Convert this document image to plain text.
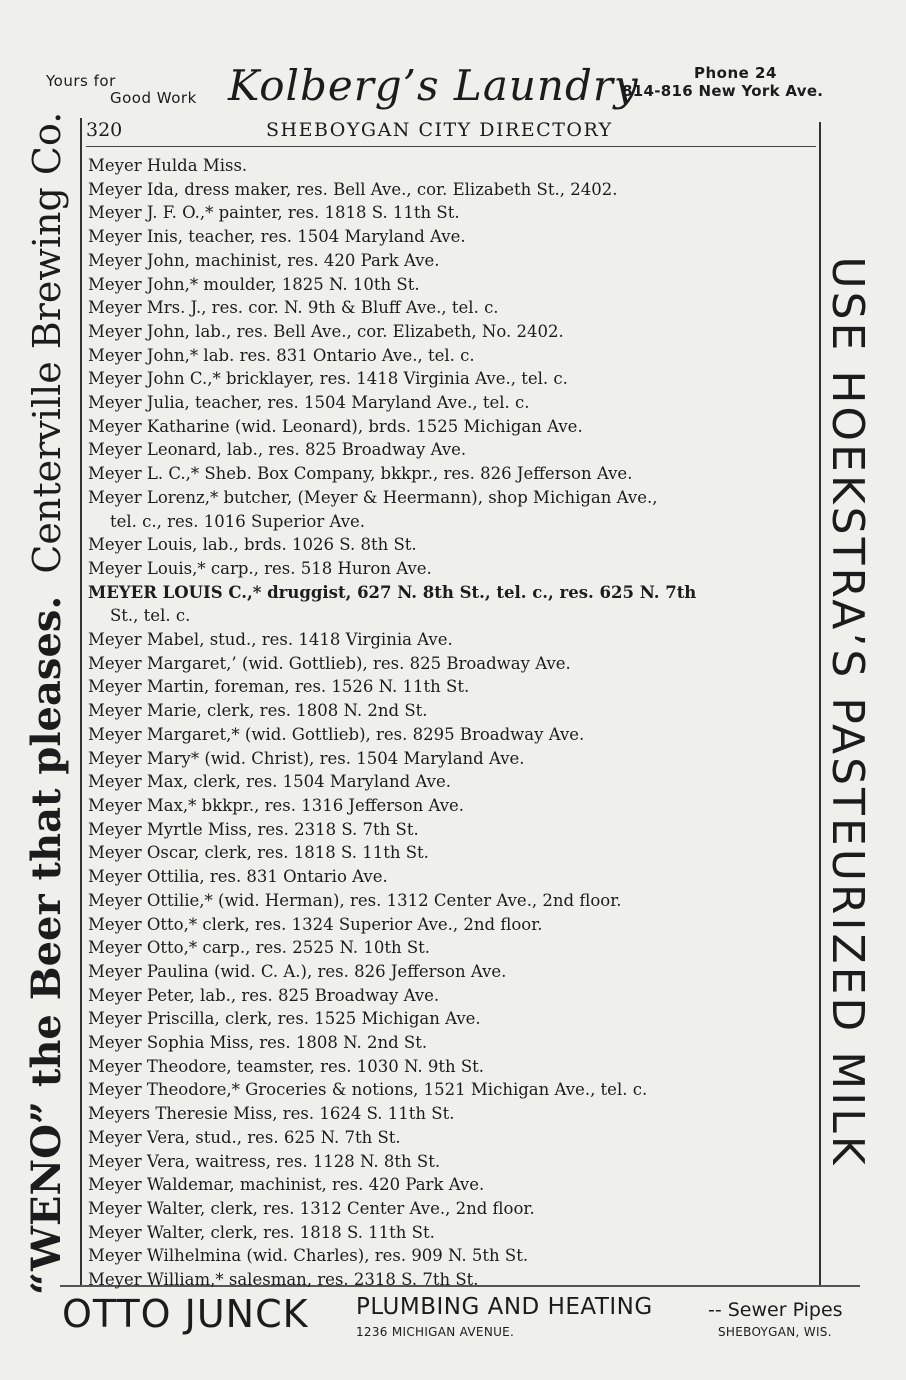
Yours for
Good Work Kolberg’s Laundry	Phone 24
814-816 New York Ave.
“WENO” the Beer that pleases.Centerville Brewing Co.	USE HOEKSTRA’S PASTEURIZED MILK
320	SHEBOYGAN CITY DIRECTORY
Meyer Hulda Miss.
Meyer Ida, dress maker, res. Bell Ave., cor. Elizabeth St., 2402.
Meyer J. F. O.,* painter, res. 1818 S. 11th St.
Meyer Inis, teacher, res. 1504 Maryland Ave.
Meyer John, machinist, res. 420 Park Ave.
Meyer John,* moulder, 1825 N. 10th St.
Meyer Mrs. J., res. cor. N. 9th & Bluff Ave., tel. c.
Meyer John, lab., res. Bell Ave., cor. Elizabeth, No. 2402.
Meyer John,* lab. res. 831 Ontario Ave., tel. c.
Meyer John C.,* bricklayer, res. 1418 Virginia Ave., tel. c.
Meyer Julia, teacher, res. 1504 Maryland Ave., tel. c.
Meyer Katharine (wid. Leonard), brds. 1525 Michigan Ave.
Meyer Leonard, lab., res. 825 Broadway Ave.
Meyer L. C.,* Sheb. Box Company, bkkpr., res. 826 Jefferson Ave.
Meyer Lorenz,* butcher, (Meyer & Heermann), shop Michigan Ave.,
tel. c., res. 1016 Superior Ave.
Meyer Louis, lab., brds. 1026 S. 8th St.
Meyer Louis,* carp., res. 518 Huron Ave.
MEYER LOUIS C.,* druggist, 627 N. 8th St., tel. c., res. 625 N. 7th
St., tel. c.
Meyer Mabel, stud., res. 1418 Virginia Ave.
Meyer Margaret,’ (wid. Gottlieb), res. 825 Broadway Ave.
Meyer Martin, foreman, res. 1526 N. 11th St.
Meyer Marie, clerk, res. 1808 N. 2nd St.
Meyer Margaret,* (wid. Gottlieb), res. 8295 Broadway Ave.
Meyer Mary* (wid. Christ), res. 1504 Maryland Ave.
Meyer Max, clerk, res. 1504 Maryland Ave.
Meyer Max,* bkkpr., res. 1316 Jefferson Ave.
Meyer Myrtle Miss, res. 2318 S. 7th St.
Meyer Oscar, clerk, res. 1818 S. 11th St.
Meyer Ottilia, res. 831 Ontario Ave.
Meyer Ottilie,* (wid. Herman), res. 1312 Center Ave., 2nd floor.
Meyer Otto,* clerk, res. 1324 Superior Ave., 2nd floor.
Meyer Otto,* carp., res. 2525 N. 10th St.
Meyer Paulina (wid. C. A.), res. 826 Jefferson Ave.
Meyer Peter, lab., res. 825 Broadway Ave.
Meyer Priscilla, clerk, res. 1525 Michigan Ave.
Meyer Sophia Miss, res. 1808 N. 2nd St.
Meyer Theodore, teamster, res. 1030 N. 9th St.
Meyer Theodore,* Groceries & notions, 1521 Michigan Ave., tel. c.
Meyers Theresie Miss, res. 1624 S. 11th St.
Meyer Vera, stud., res. 625 N. 7th St.
Meyer Vera, waitress, res. 1128 N. 8th St.
Meyer Waldemar, machinist, res. 420 Park Ave.
Meyer Walter, clerk, res. 1312 Center Ave., 2nd floor.
Meyer Walter, clerk, res. 1818 S. 11th St.
Meyer Wilhelmina (wid. Charles), res. 909 N. 5th St.
Meyer William,* salesman, res. 2318 S. 7th St.
OTTO JUNCK PLUMBING AND HEATING	-- Sewer Pipes
1236 MICHIGAN AVENUE.	SHEBOYGAN, WIS.
